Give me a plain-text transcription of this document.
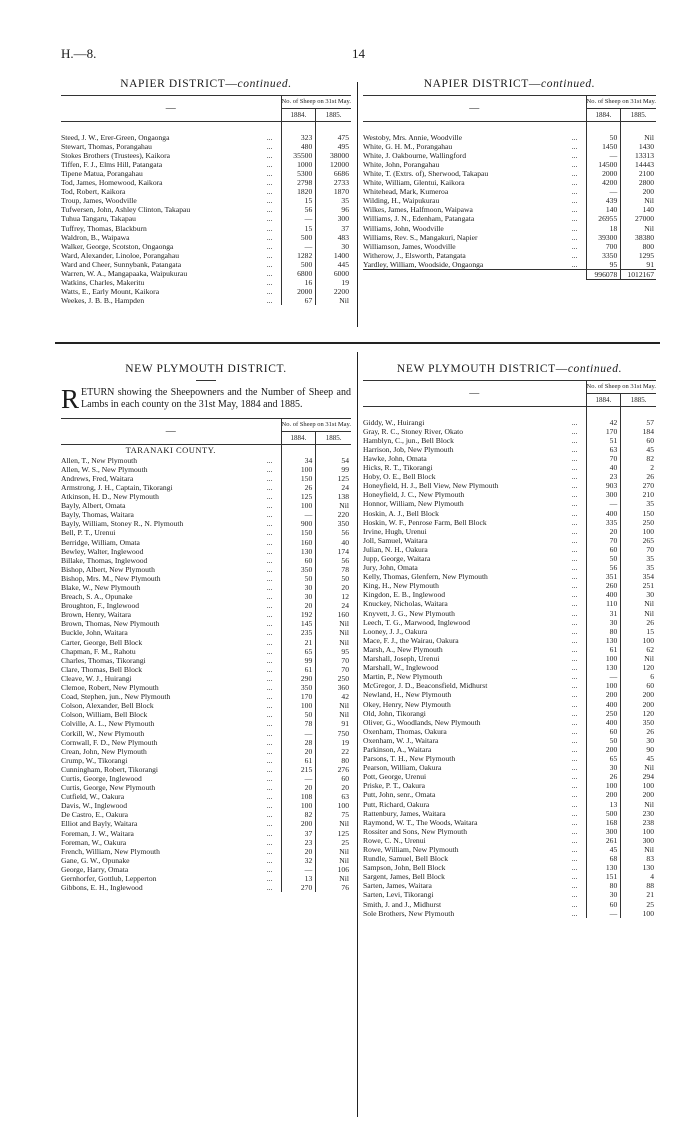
H.—8.	14
NAPIER DISTRICT—continued.
—		No. of Sheep on 31st May.	
		1884.	1885.

Steed, J. W., Erer-Green, Ongaonga	...	323	475
Stewart, Thomas, Porangahau	...	480	495
Stokes Brothers (Trustees), Kaikora	...	35500	38000
Tiffen, F. J., Elms Hill, Patangata	...	1000	12000
Tipene Matua, Porangahau	...	5300	6686
Tod, James, Homewood, Kaikora	...	2798	2733
Tod, Robert, Kaikora	...	1820	1870
Troup, James, Woodville	...	15	35
Tufwersen, John, Ashley Clinton, Takapau	...	56	96
Tuhua Tangaru, Takapau	...	—	300
Tuffrey, Thomas, Blackburn	...	15	37
Waldron, B., Waipawa	...	500	483
Walker, George, Scotston, Ongaonga	...	—	30
Ward, Alexander, Linoloe, Porangahau	...	1282	1400
Ward and Cheer, Sunnybank, Patangata	...	500	445
Warren, W. A., Mangapaaka, Waipukurau	...	6800	6000
Watkins, Charles, Makeritu	...	16	19
Watts, E., Early Mount, Kaikora	...	2000	2200
Weekes, J. B. B., Hampden	...	67	Nil
NAPIER DISTRICT—continued.
—		No. of Sheep on 31st May.	
		1884.	1885.

Westoby, Mrs. Annie, Woodville	...	50	Nil
White, G. H. M., Porangahau	...	1450	1430
White, J. Oakbourne, Wallingford	...	—	13313
White, John, Porangahau	...	14500	14443
White, T. (Extrs. of), Sherwood, Takapau	...	2000	2100
White, William, Glentui, Kaikora	...	4200	2800
Whitehead, Mark, Kumeroa	...	—	200
Wilding, H., Waipukurau	...	439	Nil
Wilkes, James, Halfmoon, Waipawa	...	140	140
Williams, J. N., Edenham, Patangata	...	26955	27000
Williams, John, Woodville	...	18	Nil
Williams, Rev. S., Mangakuri, Napier	...	39300	38380
Williamson, James, Woodville	...	700	800
Witherow, J., Elsworth, Patangata	...	3350	1295
Yardley, William, Woodside, Ongaonga	...	95	91
		996078	1012167
NEW PLYMOUTH DISTRICT.
RETURN showing the Sheepowners and the Number of Sheep and Lambs in each county on the 31st May, 1884 and 1885.
—		No. of Sheep on 31st May.	
		1884.	1885.
TARANAKI COUNTY.			
Allen, T., New Plymouth	...	34	54
Allen, W. S., New Plymouth	...	100	99
Andrews, Fred, Waitara	...	150	125
Armstrong, J. H., Captain, Tikorangi	...	26	24
Atkinson, H. D., New Plymouth	...	125	138
Bayly, Albert, Omata	...	100	Nil
Bayly, Thomas, Waitara	...	—	220
Bayly, William, Stoney R., N. Plymouth	...	900	350
Bell, P. T., Urenui	...	150	56
Berridge, William, Omata	...	160	40
Bewley, Walter, Inglewood	...	130	174
Billake, Thomas, Inglewood	...	60	56
Bishop, Albert, New Plymouth	...	350	78
Bishop, Mrs. M., New Plymouth	...	50	50
Blake, W., New Plymouth	...	30	20
Breach, S. A., Opunake	...	30	12
Broughton, F., Inglewood	...	20	24
Brown, Henry, Waitara	...	192	160
Brown, Thomas, New Plymouth	...	145	Nil
Buckle, John, Waitara	...	235	Nil
Carter, George, Bell Block	...	21	Nil
Chapman, F. M., Rahotu	...	65	95
Charles, Thomas, Tikorangi	...	99	70
Clare, Thomas, Bell Block	...	61	70
Cleave, W. J., Huirangi	...	290	250
Clemoe, Robert, New Plymouth	...	350	360
Coad, Stephen, jun., New Plymouth	...	170	42
Colson, Alexander, Bell Block	...	100	Nil
Colson, William, Bell Block	...	50	Nil
Colville, A. L., New Plymouth	...	78	91
Corkill, W., New Plymouth	...	—	750
Cornwall, F. D., New Plymouth	...	28	19
Crean, John, New Plymouth	...	20	22
Crump, W., Tikorangi	...	61	80
Cunningham, Robert, Tikorangi	...	215	276
Curtis, George, Inglewood	...	—	60
Curtis, George, New Plymouth	...	20	20
Cutfield, W., Oakura	...	108	63
Davis, W., Inglewood	...	100	100
De Castro, E., Oakura	...	82	75
Elliot and Bayly, Waitara	...	200	Nil
Foreman, J. W., Waitara	...	37	125
Foreman, W., Oakura	...	23	25
French, William, New Plymouth	...	20	Nil
Gane, G. W., Opunake	...	32	Nil
George, Harry, Omata	...	—	106
Gernhorfer, Gottlub, Lepperton	...	13	Nil
Gibbons, E. H., Inglewood	...	270	76
NEW PLYMOUTH DISTRICT—continued.
—		No. of Sheep on 31st May.	
		1884.	1885.

Giddy, W., Huirangi	...	42	57
Gray, R. C., Stoney River, Okato	...	170	184
Hamblyn, C., jun., Bell Block	...	51	60
Harrison, Job, New Plymouth	...	63	45
Hawke, John, Omata	...	70	82
Hicks, R. T., Tikorangi	...	40	2
Hoby, O. E., Bell Block	...	23	26
Honeyfield, H. J., Bell View, New Plymouth	...	903	270
Honeyfield, J. C., New Plymouth	...	300	210
Honnor, William, New Plymouth	...	—	35
Hoskin, A. J., Bell Block	...	400	150
Hoskin, W. F., Penrose Farm, Bell Block	...	335	250
Irvine, Hugh, Urenui	...	20	100
Joll, Samuel, Waitara	...	70	265
Julian, N. H., Oakura	...	60	70
Jupp, George, Waitara	...	50	35
Jury, John, Omata	...	56	35
Kelly, Thomas, Glenfern, New Plymouth	...	351	354
King, H., New Plymouth	...	260	251
Kingdon, E. B., Inglewood	...	400	30
Knuckey, Nicholas, Waitara	...	110	Nil
Knyvett, J. G., New Plymouth	...	31	Nil
Leech, T. G., Marwood, Inglewood	...	30	26
Looney, J. J., Oakura	...	80	15
Mace, F. J., the Wairau, Oakura	...	130	100
Marsh, A., New Plymouth	...	61	62
Marshall, Joseph, Urenui	...	100	Nil
Marshall, W., Inglewood	...	130	120
Martin, P., New Plymouth	...	—	6
McGregor, J. D., Beaconsfield, Midhurst	...	100	60
Newland, H., New Plymouth	...	200	200
Okey, Henry, New Plymouth	...	400	200
Old, John, Tikorangi	...	250	120
Oliver, G., Woodlands, New Plymouth	...	400	350
Oxenham, Thomas, Oakura	...	60	26
Oxenham, W. J., Waitara	...	50	30
Parkinson, A., Waitara	...	200	90
Parsons, T. H., New Plymouth	...	65	45
Pearson, William, Oakura	...	30	Nil
Pott, George, Urenui	...	26	294
Priske, P. T., Oakura	...	100	100
Putt, John, senr., Omata	...	200	200
Putt, Richard, Oakura	...	13	Nil
Rattenbury, James, Waitara	...	500	230
Raymond, W. T., The Woods, Waitara	...	168	238
Rossiter and Sons, New Plymouth	...	300	100
Rowe, C. N., Urenui	...	261	300
Rowe, William, New Plymouth	...	45	Nil
Rundle, Samuel, Bell Block	...	68	83
Sampson, John, Bell Block	...	130	130
Sargent, James, Bell Block	...	151	4
Sarten, James, Waitara	...	80	88
Sarten, Levi, Tikorangi	...	30	21
Smith, J. and J., Midhurst	...	60	25
Sole Brothers, New Plymouth	...	—	100
